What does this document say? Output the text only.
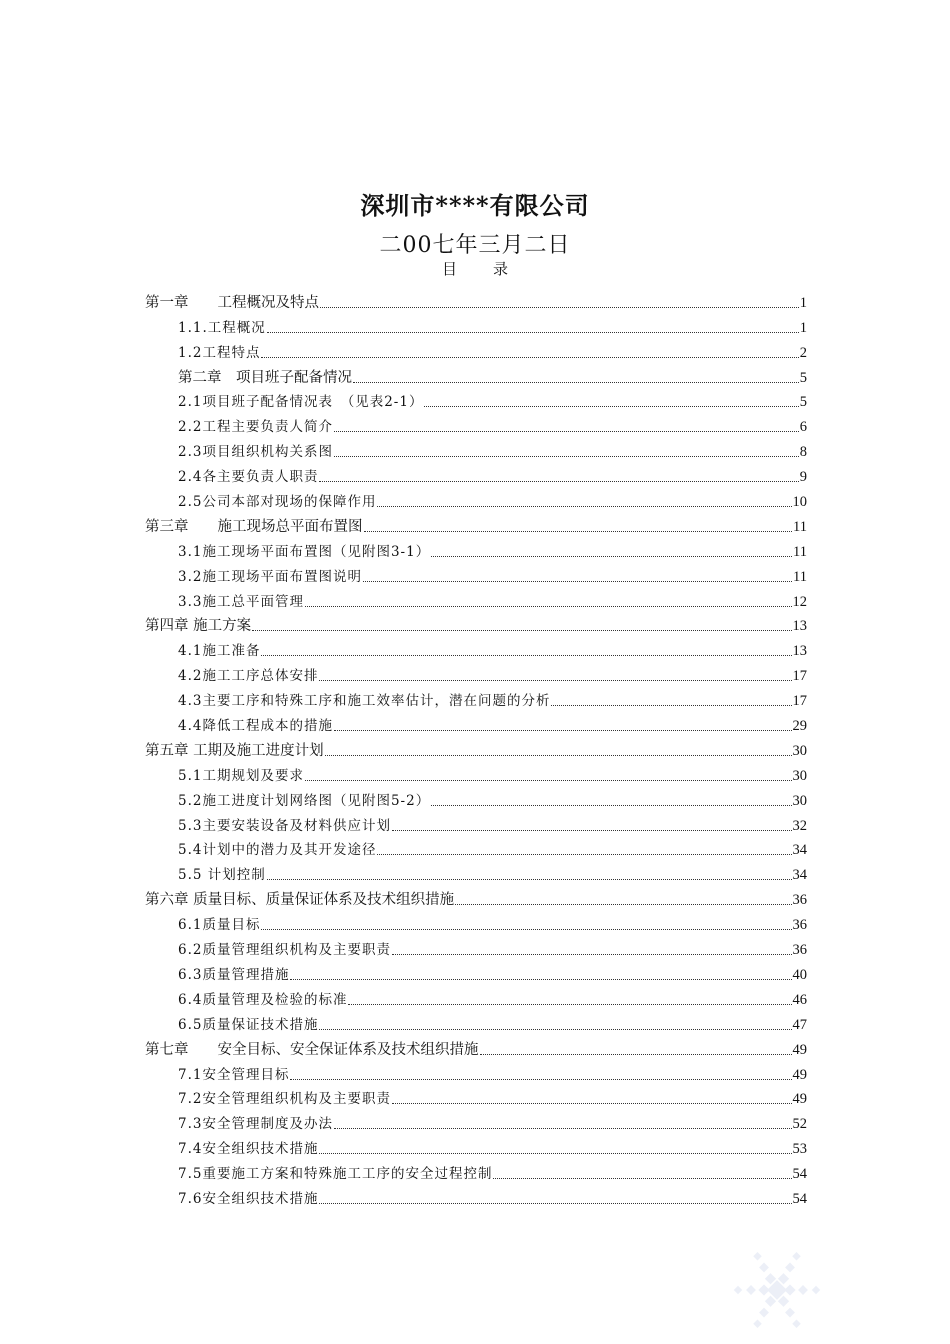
深圳市****有限公司
二00七年三月二日
目 录
第一章　　工程概况及特点	1
1.1.工程概况	1
1.2工程特点	2
第二章　项目班子配备情况	5
2.1项目班子配备情况表　（见表2-1）	5
2.2工程主要负责人简介	6
2.3项目组织机构关系图	8
2.4各主要负责人职责	9
2.5公司本部对现场的保障作用	10
第三章　　施工现场总平面布置图	11
3.1施工现场平面布置图（见附图3-1）	11
3.2施工现场平面布置图说明	11
3.3施工总平面管理	12
第四章 施工方案	13
4.1施工准备	13
4.2施工工序总体安排	17
4.3主要工序和特殊工序和施工效率估计，潜在问题的分析	17
4.4降低工程成本的措施	29
第五章 工期及施工进度计划	30
5.1工期规划及要求	30
5.2施工进度计划网络图（见附图5-2）	30
5.3主要安装设备及材料供应计划	32
5.4计划中的潜力及其开发途径	34
5.5 计划控制	34
第六章 质量目标、质量保证体系及技术组织措施	36
6.1质量目标	36
6.2质量管理组织机构及主要职责	36
6.3质量管理措施	40
6.4质量管理及检验的标准	46
6.5质量保证技术措施	47
第七章　　安全目标、安全保证体系及技术组织措施	49
7.1安全管理目标	49
7.2安全管理组织机构及主要职责	49
7.3安全管理制度及办法	52
7.4安全组织技术措施	53
7.5重要施工方案和特殊施工工序的安全过程控制	54
7.6安全组织技术措施	54
